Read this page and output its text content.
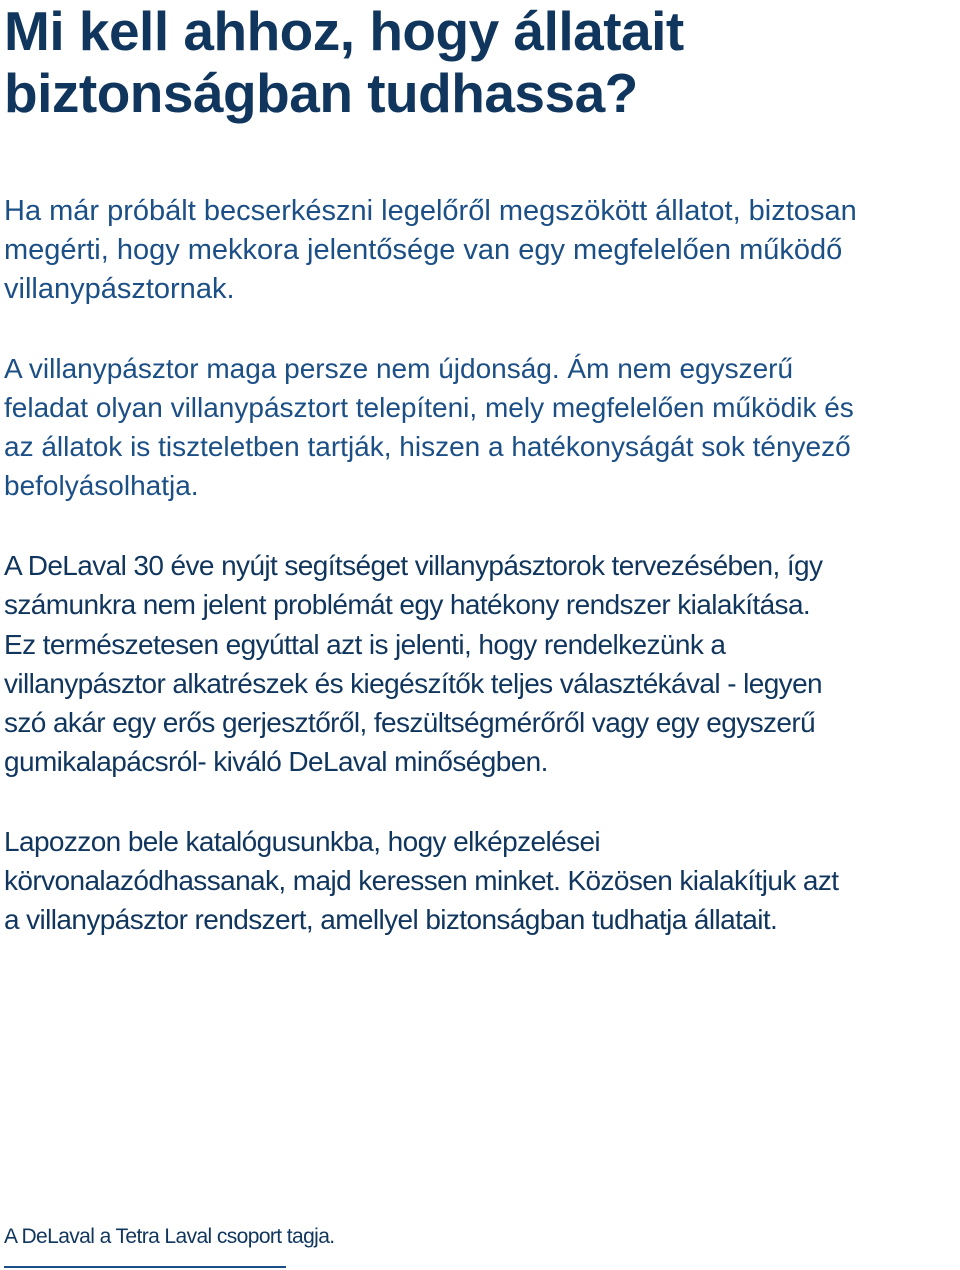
Mi kell ahhoz, hogy állatait
biztonságban tudhassa?

Ha már próbált becserkészni legelőről megszökött állatot, biztosan
megérti, hogy mekkora jelentősége van egy megfelelően működő
villanypásztornak.

A villanypásztor maga persze nem újdonság. Ám nem egyszerű
feladat olyan villanypásztort telepíteni, mely megfelelően működik és
az állatok is tiszteletben tartják, hiszen a hatékonyságát sok tényező
befolyásolhatja.

A DeLaval 30 éve nyújt segítséget villanypásztorok tervezésében, így
számunkra nem jelent problémát egy hatékony rendszer kialakítása.
Ez természetesen egyúttal azt is jelenti, hogy rendelkezünk a
villanypásztor alkatrészek és kiegészítők teljes választékával - legyen
szó akár egy erős gerjesztőről, feszültségmérőről vagy egy egyszerű
gumikalapácsról- kiváló DeLaval minőségben.

Lapozzon bele katalógusunkba, hogy elképzelései
körvonalazódhassanak, majd keressen minket. Közösen kialakítjuk azt
a villanypásztor rendszert, amellyel biztonságban tudhatja állatait.

A DeLaval a Tetra Laval csoport tagja.
